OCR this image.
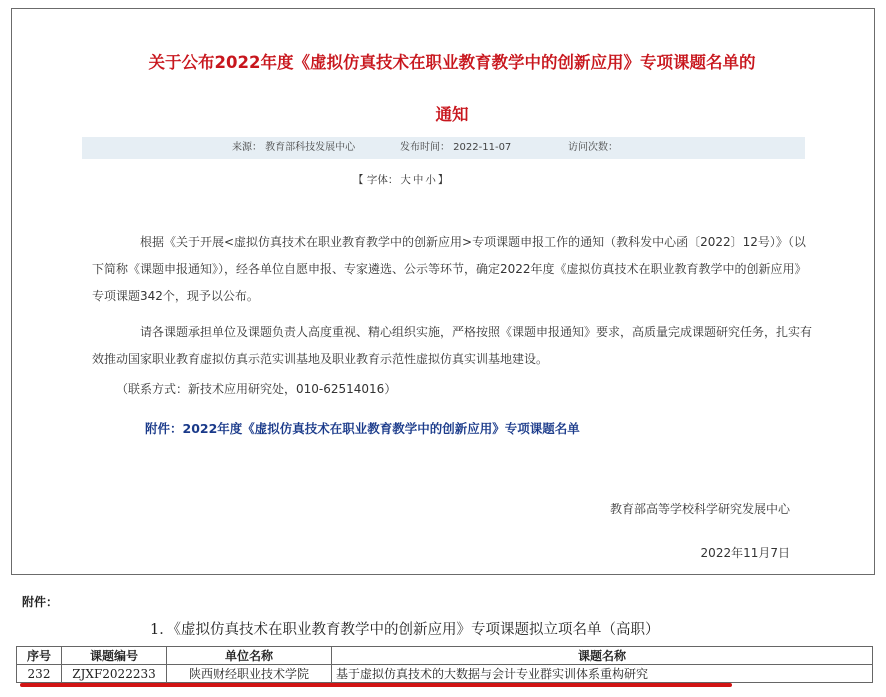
关于公布2022年度《虚拟仿真技术在职业教育教学中的创新应用》专项课题名单的
通知
来源： 教育部科技发展中心	发布时间： 2022-11-07	访问次数：
【 字体： 大 中 小 】

根据《关于开展<虚拟仿真技术在职业教育教学中的创新应用>专项课题申报工作的通知（教科发中心函〔2022〕12号）》（以下简称《课题申报通知》），经各单位自愿申报、专家遴选、公示等环节，确定2022年度《虚拟仿真技术在职业教育教学中的创新应用》专项课题342个，现予以公布。

请各课题承担单位及课题负责人高度重视、精心组织实施，严格按照《课题申报通知》要求，高质量完成课题研究任务，扎实有效推动国家职业教育虚拟仿真示范实训基地及职业教育示范性虚拟仿真实训基地建设。

（联系方式：新技术应用研究处，010-62514016）

附件：2022年度《虚拟仿真技术在职业教育教学中的创新应用》专项课题名单
教育部高等学校科学研究发展中心
2022年11月7日
附件：
1．《虚拟仿真技术在职业教育教学中的创新应用》专项课题拟立项名单（高职）
序号	课题编号	单位名称	课题名称
232	ZJXF2022233	陕西财经职业技术学院	基于虚拟仿真技术的大数据与会计专业群实训体系重构研究
